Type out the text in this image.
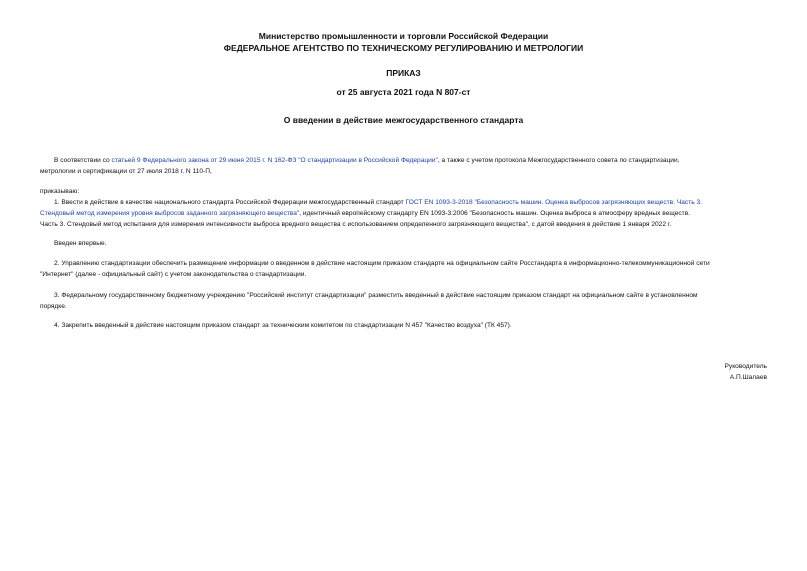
Министерство промышленности и торговли Российской Федерации
ФЕДЕРАЛЬНОЕ АГЕНТСТВО ПО ТЕХНИЧЕСКОМУ РЕГУЛИРОВАНИЮ И МЕТРОЛОГИИ
ПРИКАЗ
от 25 августа 2021 года N 807-ст
О введении в действие межгосударственного стандарта
В соответствии со статьей 9 Федерального закона от 29 июня 2015 г. N 162-ФЗ "О стандартизации в Российской Федерации", а также с учетом протокола Межгосударственного совета по стандартизации,
метрологии и сертификации от 27 июля 2018 г. N 110-П,
приказываю:
1. Ввести в действие в качестве национального стандарта Российской Федерации межгосударственный стандарт ГОСТ EN 1093-3-2018 "Безопасность машин. Оценка выбросов загрязняющих веществ. Часть 3.
Стендовый метод измерения уровня выбросов заданного загрязняющего вещества", идентичный европейскому стандарту EN 1093-3:2006 "Безопасность машин. Оценка выброса в атмосферу вредных веществ.
Часть 3. Стендовый метод испытания для измерения интенсивности выброса вредного вещества с использованием определенного загрязняющего вещества", с датой введения в действие 1 января 2022 г.
Введен впервые.
2. Управлению стандартизации обеспечить размещение информации о введенном в действие настоящим приказом стандарте на официальном сайте Росстандарта в информационно-телекоммуникационной сети
"Интернет" (далее - официальный сайт) с учетом законодательства о стандартизации.
3. Федеральному государственному бюджетному учреждению "Российский институт стандартизации" разместить введенный в действие настоящим приказом стандарт на официальном сайте в установленном
порядке.
4. Закрепить введенный в действие настоящим приказом стандарт за техническим комитетом по стандартизации N 457 "Качество воздуха" (ТК 457).
Руководитель
А.П.Шалаев
